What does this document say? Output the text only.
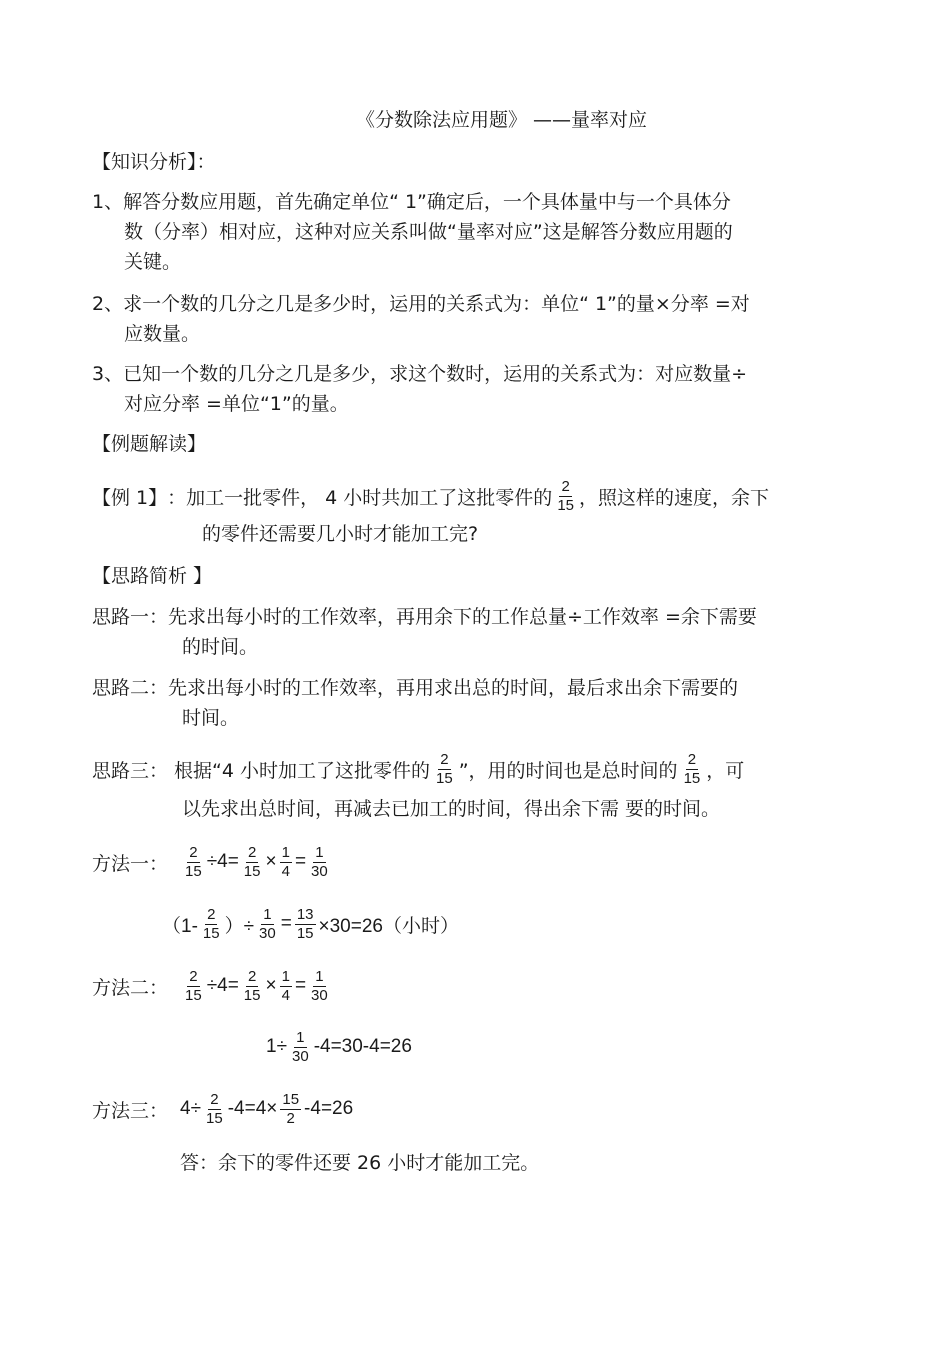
《分数除法应用题》 ——量率对应
【知识分析】：
1、解答分数应用题，首先确定单位“ 1”确定后，一个具体量中与一个具体分
数（分率）相对应，这种对应关系叫做“量率对应”这是解答分数应用题的
关键。
2、求一个数的几分之几是多少时，运用的关系式为：单位“ 1”的量×分率 =对
应数量。
3、已知一个数的几分之几是多少，求这个数时，运用的关系式为：对应数量÷
对应分率 =单位“1”的量。
【例题解读】
【例 1】 ：加工一批零件， 4 小时共加工了这批零件的 $\frac{2}{15}$ ，照这样的速度，余下
的零件还需要几小时才能加工完?
【思路简析 】
思路一：先求出每小时的工作效率，再用余下的工作总量÷工作效率 =余下需要
的时间。
思路二：先求出每小时的工作效率，再用求出总的时间，最后求出余下需要的
时间。
思路三： 根据“4 小时加工了这批零件的 $\frac{2}{15}$ ”，用的时间也是总时间的 $\frac{2}{15}$ ，可
以先求出总时间，再减去已加工的时间，得出余下需 要的时间。
方法一： $\frac{2}{15} \div 4= \frac{2}{15} \times \frac{1}{4} = \frac{1}{30}$
（$1- \frac{2}{15}$ ）÷ $\frac{1}{30} = \frac{13}{15} \times 30=26$（小时）
方法二： $\frac{2}{15} \div 4= \frac{2}{15} \times \frac{1}{4} = \frac{1}{30}$
$1\div \frac{1}{30} -4=30-4=26$
方法三： $4\div \frac{2}{15} -4=4\times \frac{15}{2} -4=26$
答：余下的零件还要 26 小时才能加工完。
